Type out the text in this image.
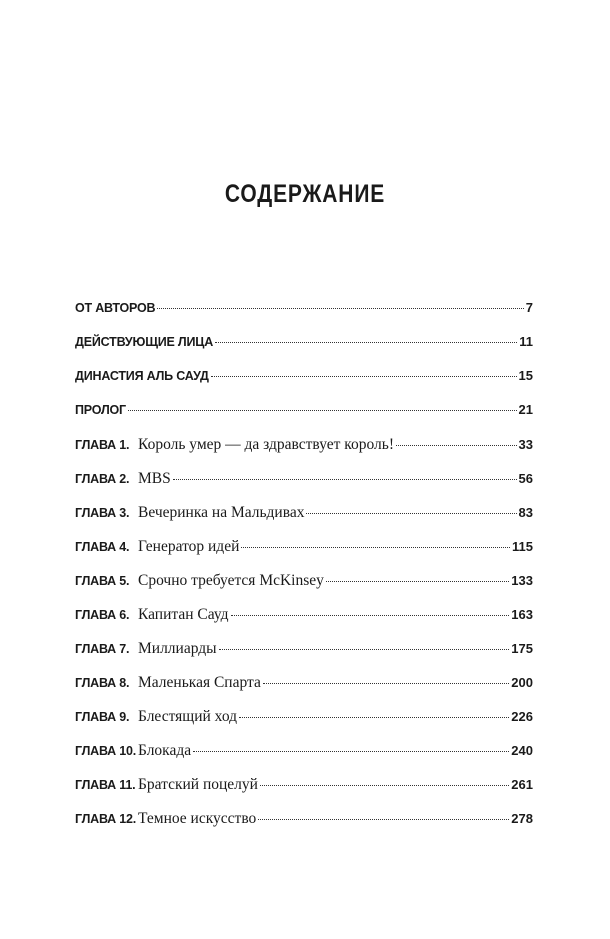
СОДЕРЖАНИЕ
ОТ АВТОРОВ	7
ДЕЙСТВУЮЩИЕ ЛИЦА	11
ДИНАСТИЯ АЛЬ САУД	15
ПРОЛОГ	21
ГЛАВА 1. Король умер — да здравствует король!	33
ГЛАВА 2. MBS	56
ГЛАВА 3. Вечеринка на Мальдивах	83
ГЛАВА 4. Генератор идей	115
ГЛАВА 5. Срочно требуется McKinsey	133
ГЛАВА 6. Капитан Сауд	163
ГЛАВА 7. Миллиарды	175
ГЛАВА 8. Маленькая Спарта	200
ГЛАВА 9. Блестящий ход	226
ГЛАВА 10. Блокада	240
ГЛАВА 11. Братский поцелуй	261
ГЛАВА 12. Темное искусство	278
